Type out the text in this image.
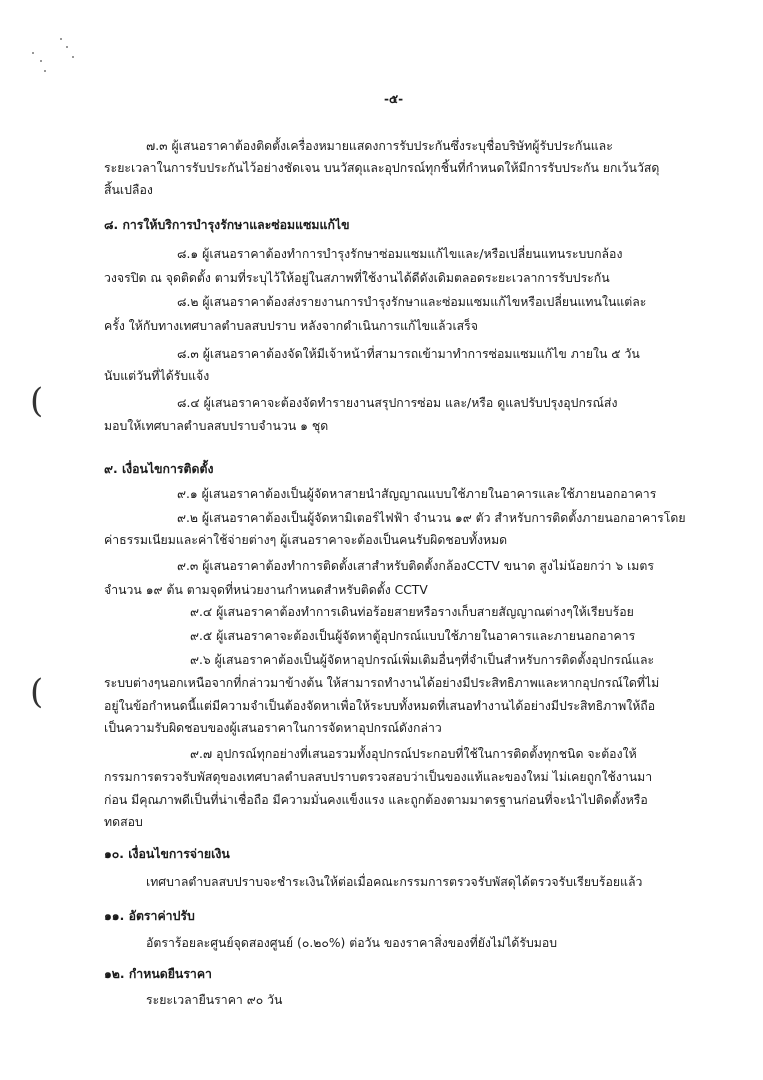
-๕-
๗.๓ ผู้เสนอราคาต้องติดตั้งเครื่องหมายแสดงการรับประกันซึ่งระบุชื่อบริษัทผู้รับประกันและ
ระยะเวลาในการรับประกันไว้อย่างชัดเจน บนวัสดุและอุปกรณ์ทุกชิ้นที่กำหนดให้มีการรับประกัน ยกเว้นวัสดุ
สิ้นเปลือง
๘. การให้บริการบำรุงรักษาและซ่อมแซมแก้ไข
๘.๑ ผู้เสนอราคาต้องทำการบำรุงรักษาซ่อมแซมแก้ไขและ/หรือเปลี่ยนแทนระบบกล้อง
วงจรปิด ณ จุดติดตั้ง ตามที่ระบุไว้ให้อยู่ในสภาพที่ใช้งานได้ดีดังเดิมตลอดระยะเวลาการรับประกัน
๘.๒ ผู้เสนอราคาต้องส่งรายงานการบำรุงรักษาและซ่อมแซมแก้ไขหรือเปลี่ยนแทนในแต่ละ
ครั้ง ให้กับทางเทศบาลตำบลสบปราบ หลังจากดำเนินการแก้ไขแล้วเสร็จ
๘.๓ ผู้เสนอราคาต้องจัดให้มีเจ้าหน้าที่สามารถเข้ามาทำการซ่อมแซมแก้ไข ภายใน ๕ วัน
นับแต่วันที่ได้รับแจ้ง
๘.๔ ผู้เสนอราคาจะต้องจัดทำรายงานสรุปการซ่อม และ/หรือ ดูแลปรับปรุงอุปกรณ์ส่ง
มอบให้เทศบาลตำบลสบปราบจำนวน ๑ ชุด
๙. เงื่อนไขการติดตั้ง
๙.๑ ผู้เสนอราคาต้องเป็นผู้จัดหาสายนำสัญญาณแบบใช้ภายในอาคารและใช้ภายนอกอาคาร
๙.๒ ผู้เสนอราคาต้องเป็นผู้จัดหามิเตอร์ไฟฟ้า จำนวน ๑๙ ตัว สำหรับการติดตั้งภายนอกอาคารโดย
ค่าธรรมเนียมและค่าใช้จ่ายต่างๆ ผู้เสนอราคาจะต้องเป็นคนรับผิดชอบทั้งหมด
๙.๓ ผู้เสนอราคาต้องทำการติดตั้งเสาสำหรับติดตั้งกล้องCCTV ขนาด สูงไม่น้อยกว่า ๖ เมตร
จำนวน ๑๙ ต้น ตามจุดที่หน่วยงานกำหนดสำหรับติดตั้ง CCTV
๙.๔ ผู้เสนอราคาต้องทำการเดินท่อร้อยสายหรือรางเก็บสายสัญญาณต่างๆให้เรียบร้อย
๙.๕ ผู้เสนอราคาจะต้องเป็นผู้จัดหาตู้อุปกรณ์แบบใช้ภายในอาคารและภายนอกอาคาร
๙.๖ ผู้เสนอราคาต้องเป็นผู้จัดหาอุปกรณ์เพิ่มเติมอื่นๆที่จำเป็นสำหรับการติดตั้งอุปกรณ์และ
ระบบต่างๆนอกเหนือจากที่กล่าวมาข้างต้น ให้สามารถทำงานได้อย่างมีประสิทธิภาพและหากอุปกรณ์ใดที่ไม่
อยู่ในข้อกำหนดนี้แต่มีความจำเป็นต้องจัดหาเพื่อให้ระบบทั้งหมดที่เสนอทำงานได้อย่างมีประสิทธิภาพให้ถือ
เป็นความรับผิดชอบของผู้เสนอราคาในการจัดหาอุปกรณ์ดังกล่าว
๙.๗ อุปกรณ์ทุกอย่างที่เสนอรวมทั้งอุปกรณ์ประกอบที่ใช้ในการติดตั้งทุกชนิด จะต้องให้
กรรมการตรวจรับพัสดุของเทศบาลตำบลสบปราบตรวจสอบว่าเป็นของแท้และของใหม่ ไม่เคยถูกใช้งานมา
ก่อน มีคุณภาพดีเป็นที่น่าเชื่อถือ มีความมั่นคงแข็งแรง และถูกต้องตามมาตรฐานก่อนที่จะนำไปติดตั้งหรือ
ทดสอบ
๑๐. เงื่อนไขการจ่ายเงิน
เทศบาลตำบลสบปราบจะชำระเงินให้ต่อเมื่อคณะกรรมการตรวจรับพัสดุได้ตรวจรับเรียบร้อยแล้ว
๑๑. อัตราค่าปรับ
อัตราร้อยละศูนย์จุดสองศูนย์ (๐.๒๐%) ต่อวัน ของราคาสิ่งของที่ยังไม่ได้รับมอบ
๑๒. กำหนดยืนราคา
ระยะเวลายืนราคา ๙๐ วัน
(
(
